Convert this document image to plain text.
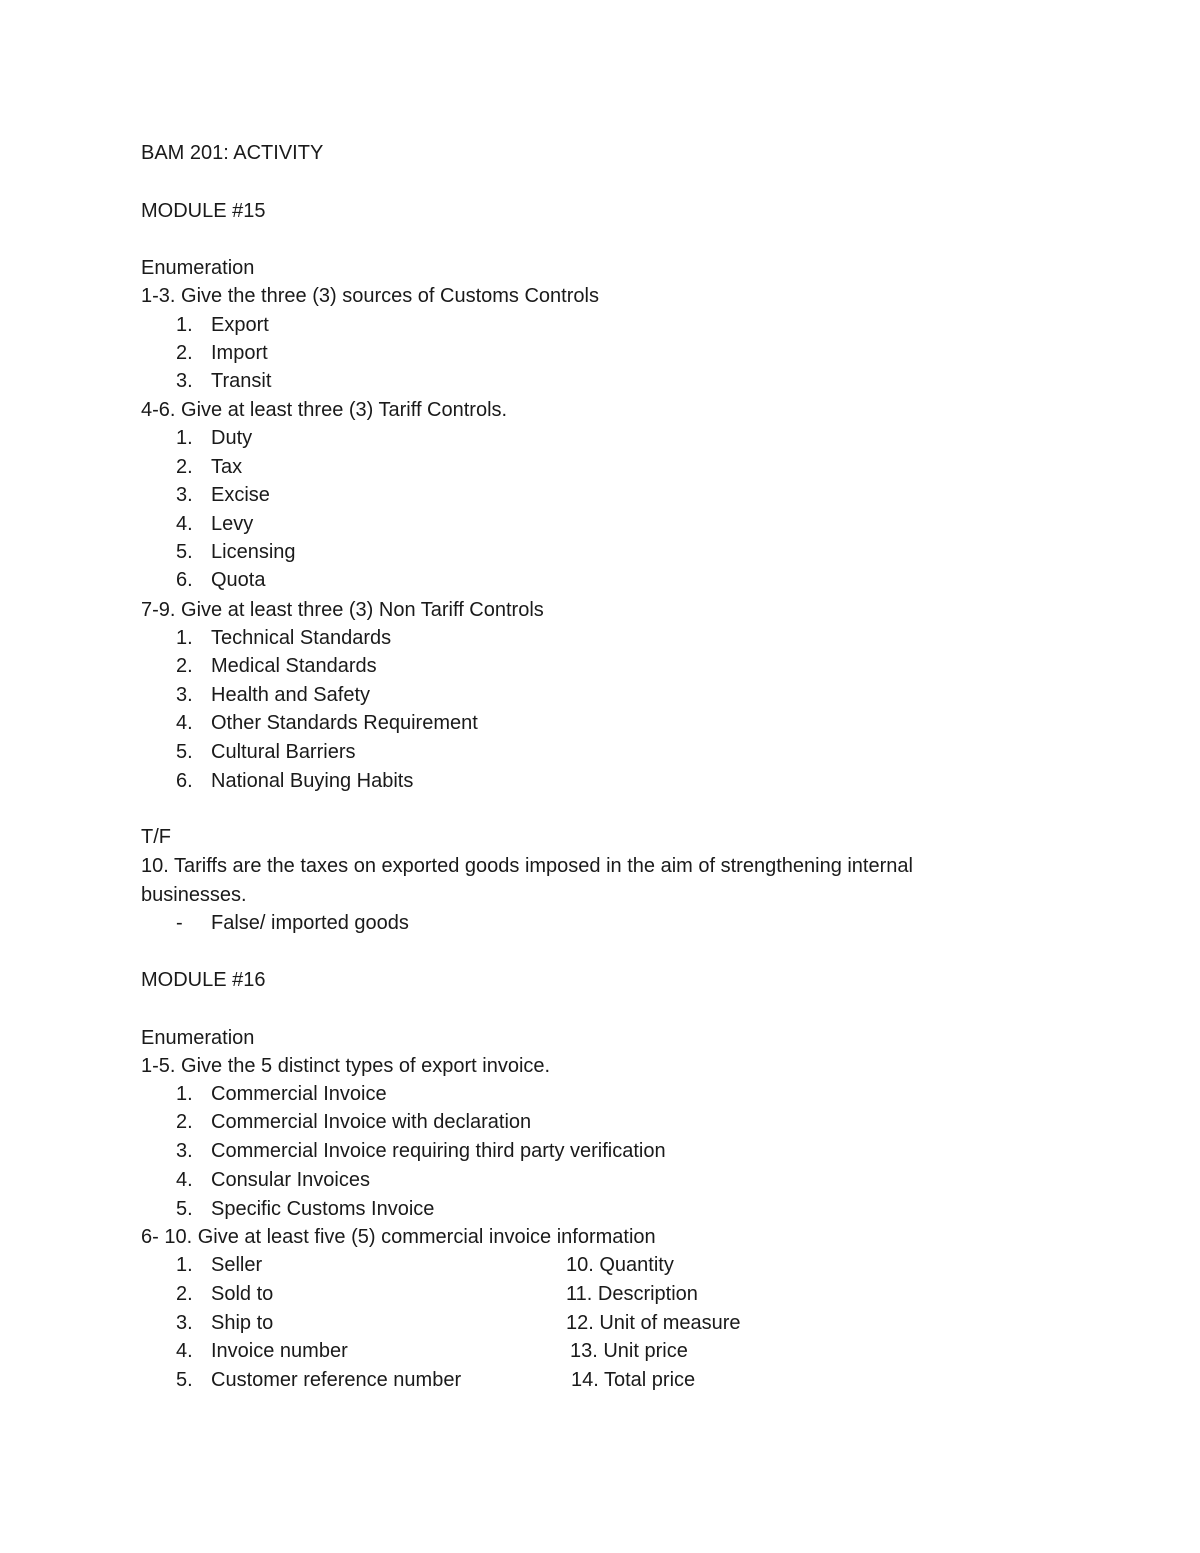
BAM 201: ACTIVITY
MODULE #15
Enumeration
1-3. Give the three (3) sources of Customs Controls
1. Export
2. Import
3. Transit
4-6. Give at least three (3) Tariff Controls.
1. Duty
2. Tax
3. Excise
4. Levy
5. Licensing
6. Quota
7-9. Give at least three (3) Non Tariff Controls
1. Technical Standards
2. Medical Standards
3. Health and Safety
4. Other Standards Requirement
5. Cultural Barriers
6. National Buying Habits
T/F
10. Tariffs are the taxes on exported goods imposed in the aim of strengthening internal
businesses.
- False/ imported goods
MODULE #16
Enumeration
1-5. Give the 5 distinct types of export invoice.
1. Commercial Invoice
2. Commercial Invoice with declaration
3. Commercial Invoice requiring third party verification
4. Consular Invoices
5. Specific Customs Invoice
6- 10. Give at least five (5) commercial invoice information
1. Seller
2. Sold to
3. Ship to
4. Invoice number
5. Customer reference number
10. Quantity
11. Description
12. Unit of measure
13. Unit price
14. Total price
